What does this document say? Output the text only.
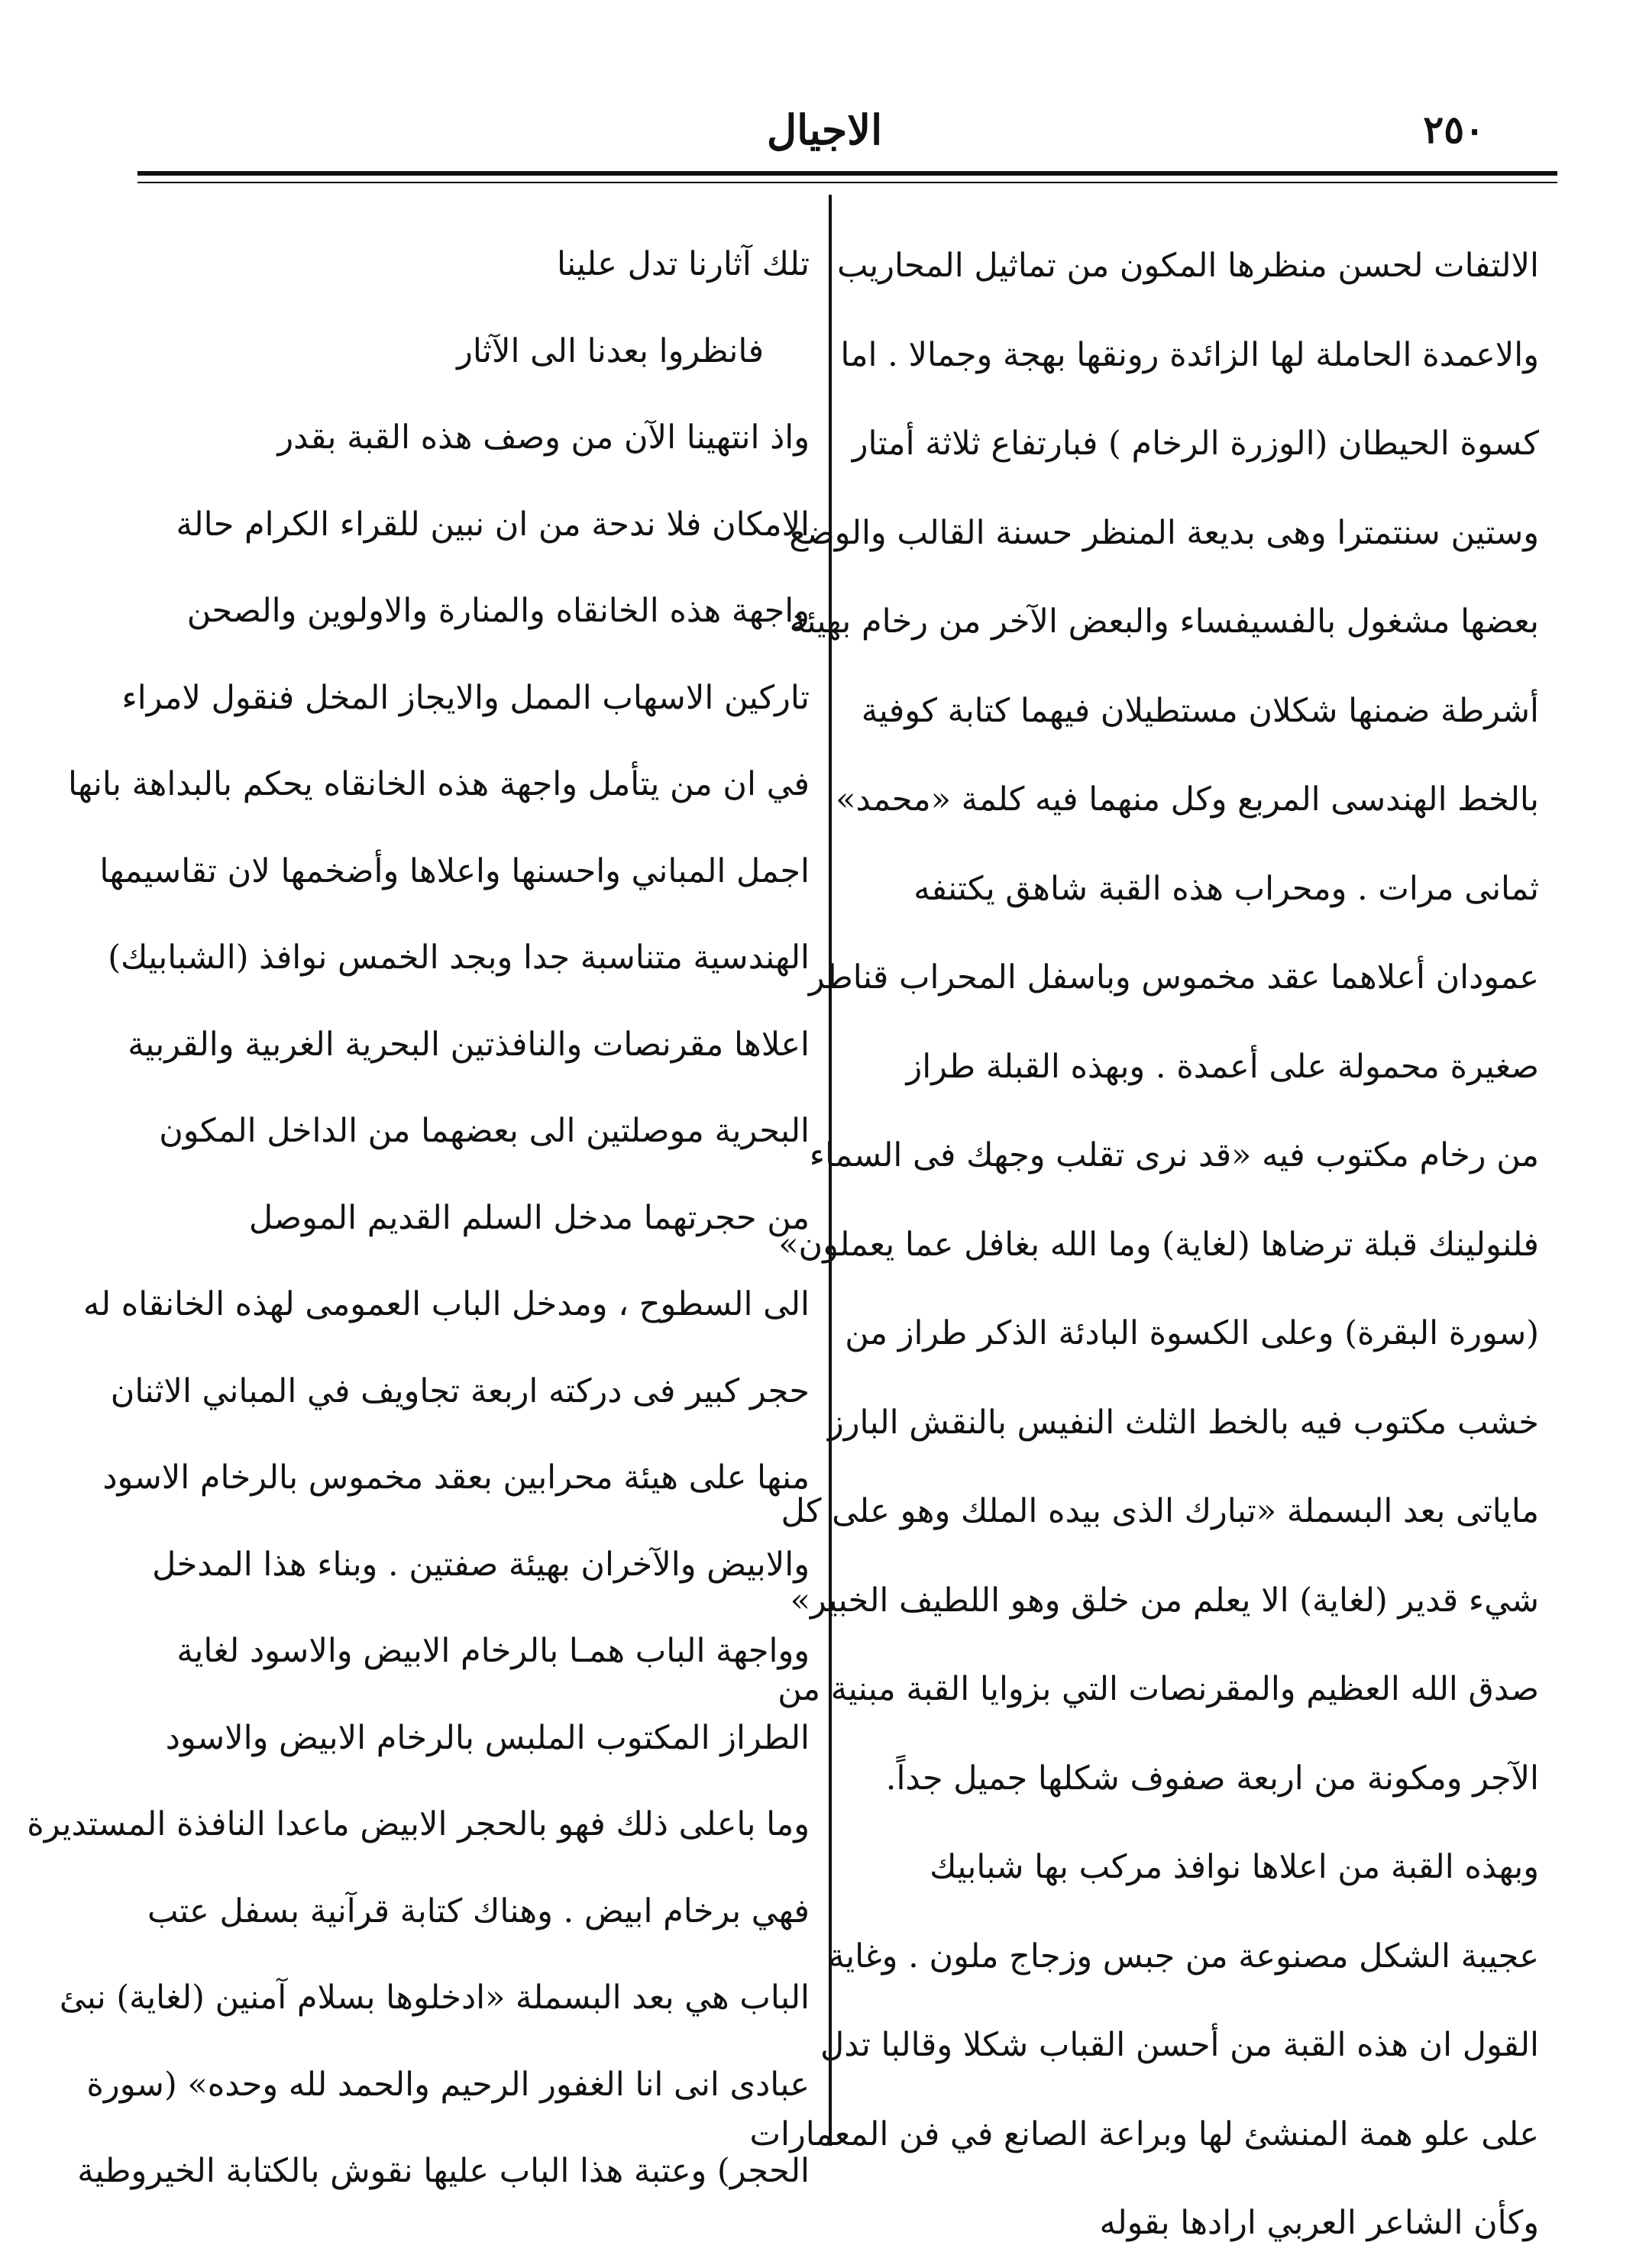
٢٥٠
الاجيال
الالتفات لحسن منظرها المكون من تماثيل المحاريب
والاعمدة الحاملة لها الزائدة رونقها بهجة وجمالا . اما
كسوة الحيطان (الوزرة الرخام ) فبارتفاع ثلاثة أمتار
وستين سنتمترا وهى بديعة المنظر حسنة القالب والوضع
بعضها مشغول بالفسيفساء والبعض الآخر من رخام بهيئة
أشرطة ضمنها شكلان مستطيلان فيهما كتابة كوفية
بالخط الهندسى المربع وكل منهما فيه كلمة «محمد»
ثمانى مرات . ومحراب هذه القبة شاهق يكتنفه
عمودان أعلاهما عقد مخموس وباسفل المحراب قناطر
صغيرة محمولة على أعمدة . وبهذه القبلة طراز
من رخام مكتوب فيه «قد نرى تقلب وجهك فى السماء
فلنولينك قبلة ترضاها (لغاية) وما الله بغافل عما يعملون»
(سورة البقرة) وعلى الكسوة البادئة الذكر طراز من
خشب مكتوب فيه بالخط الثلث النفيس بالنقش البارز
ماياتى بعد البسملة «تبارك الذى بيده الملك وهو على كل
شيء قدير (لغاية) الا يعلم من خلق وهو اللطيف الخبير»
صدق الله العظيم والمقرنصات التي بزوايا القبة مبنية من
الآجر ومكونة من اربعة صفوف شكلها جميل جداً.
وبهذه القبة من اعلاها نوافذ مركب بها شبابيك
عجيبة الشكل مصنوعة من جبس وزجاج ملون . وغاية
القول ان هذه القبة من أحسن القباب شكلا وقالبا تدل
على علو همة المنشئ لها وبراعة الصانع في فن المعمارات
وكأن الشاعر العربي ارادها بقوله
تلك آثارنا تدل علينا
فانظروا بعدنا الى الآثار
واذ انتهينا الآن من وصف هذه القبة بقدر
الامكان فلا ندحة من ان نبين للقراء الكرام حالة
واجهة هذه الخانقاه والمنارة والاولوين والصحن
تاركين الاسهاب الممل والايجاز المخل فنقول لامراء
في ان من يتأمل واجهة هذه الخانقاه يحكم بالبداهة بانها
اجمل المباني واحسنها واعلاها وأضخمها لان تقاسيمها
الهندسية متناسبة جدا وبجد الخمس نوافذ (الشبابيك)
اعلاها مقرنصات والنافذتين البحرية الغربية والقربية
البحرية موصلتين الى بعضهما من الداخل المكون
من حجرتهما مدخل السلم القديم الموصل
الى السطوح ، ومدخل الباب العمومى لهذه الخانقاه له
حجر كبير فى دركته اربعة تجاويف في المباني الاثنان
منها على هيئة محرابين بعقد مخموس بالرخام الاسود
والابيض والآخران بهيئة صفتين . وبناء هذا المدخل
وواجهة الباب همـا بالرخام الابيض والاسود لغاية
الطراز المكتوب الملبس بالرخام الابيض والاسود
وما باعلى ذلك فهو بالحجر الابيض ماعدا النافذة المستديرة
فهي برخام ابيض . وهناك كتابة قرآنية بسفل عتب
الباب هي بعد البسملة «ادخلوها بسلام آمنين (لغاية) نبئ
عبادى انى انا الغفور الرحيم والحمد لله وحده» (سورة
الحجر) وعتبة هذا الباب عليها نقوش بالكتابة الخيروطية
